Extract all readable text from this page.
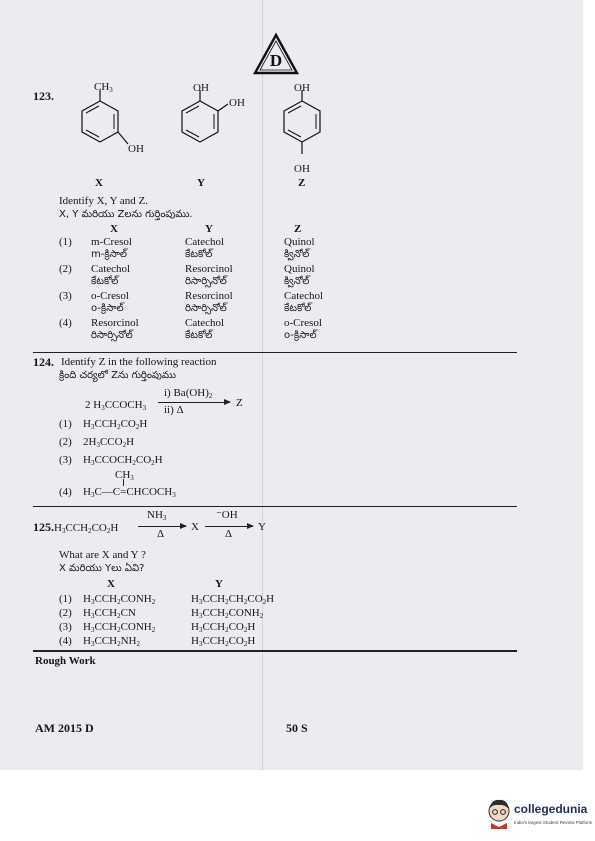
D
123.
$CH_3$
OH
X
OH
OH
Y
OH
OH
Z
Identify X, Y and Z.
X, Y మరియు Zలను గుర్తింపుము.
X	Y	Z
(1) m-Cresol	Catechol	Quinol
m-క్రిసాల్	కేటకోల్	క్వినోల్
(2) Catechol	Resorcinol	Quinol
కేటకోల్	రిసార్సినోల్	క్వినోల్
(3) o-Cresol	Resorcinol	Catechol
o-క్రిసాల్	రిసార్సినోల్	కేటకోల్
(4) Resorcinol	Catechol	o-Cresol
రిసార్సినోల్	కేటకోల్	o-క్రిసాల్
124. Identify Z in the following reaction
క్రింది చర్యలో Zను గుర్తింపుము
2 $H_3CCOCH_3$
i) $Ba(OH)_2$
ii) Δ
Z
(1) $H_3CCH_2CO_2H$
(2) $2H_3CCO_2H$
(3) $H_3CCOCH_2CO_2H$
(4) $H_3C—C=CHCOCH_3$
$CH_3$
$125.H_3CCH_2CO_2H$
$NH_3$
Δ
X
⁻OH
Δ
Y
What are X and Y ?
X మరియు Yలు ఏవి?
X	Y
(1) $H_3CCH_2CONH_2$	$H_3CCH_2CH_2CO_2H$
(2) $H_3CCH_2CN$	$H_3CCH_2CONH_2$
(3) $H_3CCH_2CONH_2$	$H_3CCH_2CO_2H$
(4) $H_3CCH_2NH_2$	$H_3CCH_2CO_2H$
Rough Work
AM 2015 D	50 S
collegedunia
India's largest Student Review Platform
